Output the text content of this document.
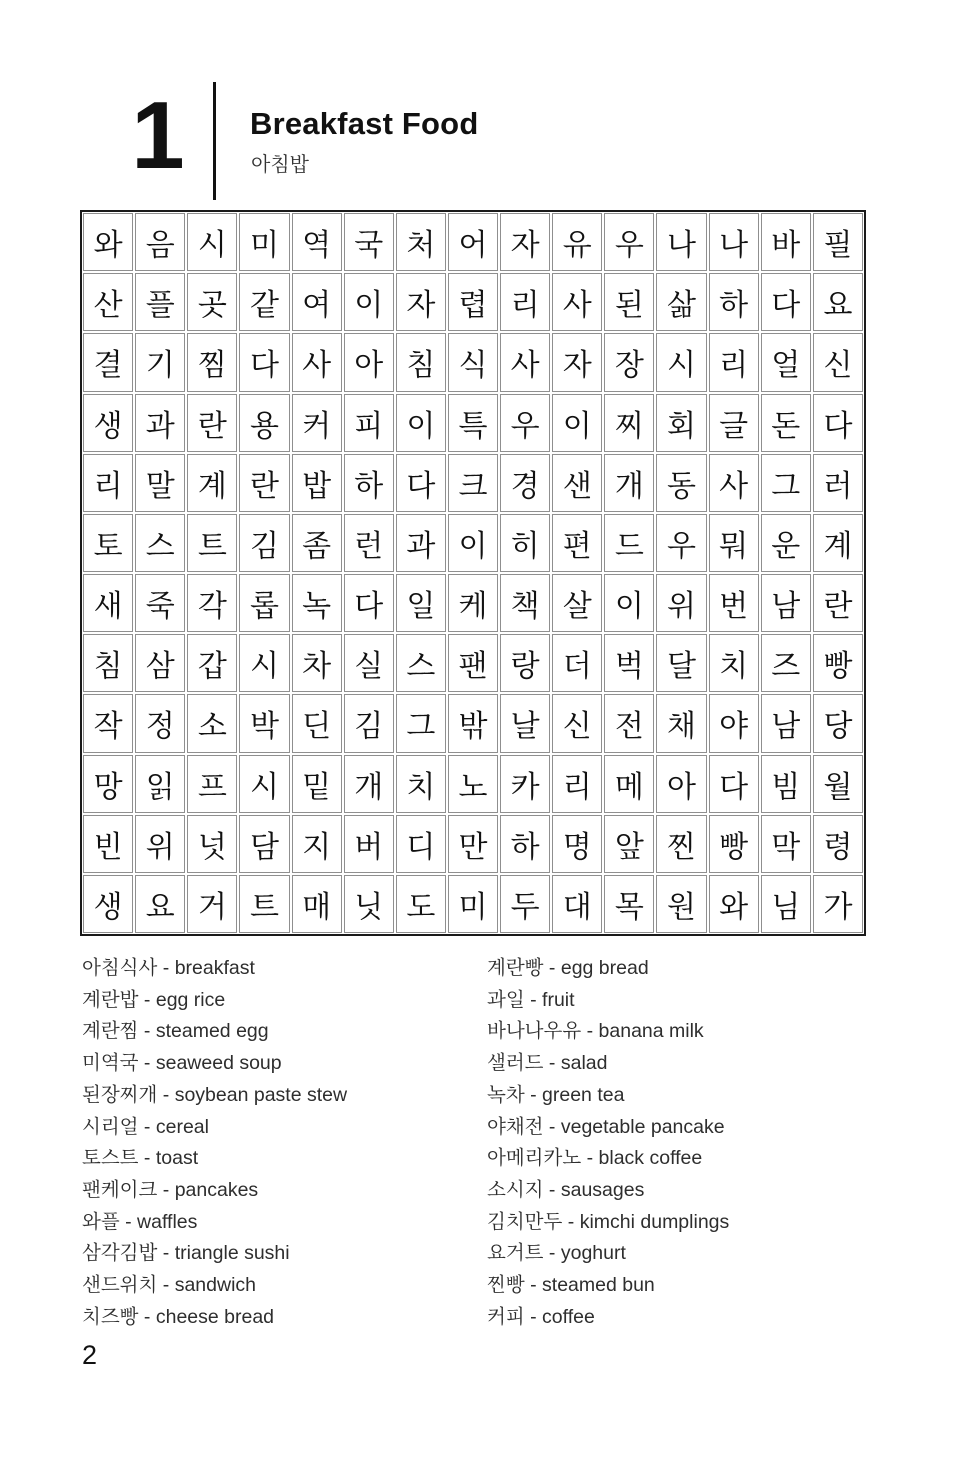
1	Breakfast Food
아침밥
와 음 시 미 역 국 처 어 자 유 우 나 나 바 필
산 플 곳 같 여 이 자 렵 리 사 된 삶 하 다 요
결 기 찜 다 사 아 침 식 사 자 장 시 리 얼 신
생 과 란 용 커 피 이 특 우 이 찌 회 글 돈 다
리 말 계 란 밥 하 다 크 경 샌 개 동 사 그 러
토 스 트 김 좀 런 과 이 히 편 드 우 뭐 운 계
새 죽 각 롭 녹 다 일 케 책 살 이 위 번 남 란
침 삼 갑 시 차 실 스 팬 랑 더 벅 달 치 즈 빵
작 정 소 박 딘 김 그 밖 날 신 전 채 야 남 당
망 읽 프 시 밑 개 치 노 카 리 메 아 다 빔 월
빈 위 넛 담 지 버 디 만 하 명 앞 찐 빵 막 령
생 요 거 트 매 닛 도 미 두 대 목 원 와 님 가
아침식사 - breakfast
계란밥 - egg rice
계란찜 - steamed egg
미역국 - seaweed soup
된장찌개 - soybean paste stew
시리얼 - cereal
토스트 - toast
팬케이크 - pancakes
와플 - waffles
삼각김밥 - triangle sushi
샌드위치 - sandwich
치즈빵 - cheese bread
계란빵 - egg bread
과일 - fruit
바나나우유 - banana milk
샐러드 - salad
녹차 - green tea
야채전 - vegetable pancake
아메리카노 - black coffee
소시지 - sausages
김치만두 - kimchi dumplings
요거트 - yoghurt
찐빵 - steamed bun
커피 - coffee
2
